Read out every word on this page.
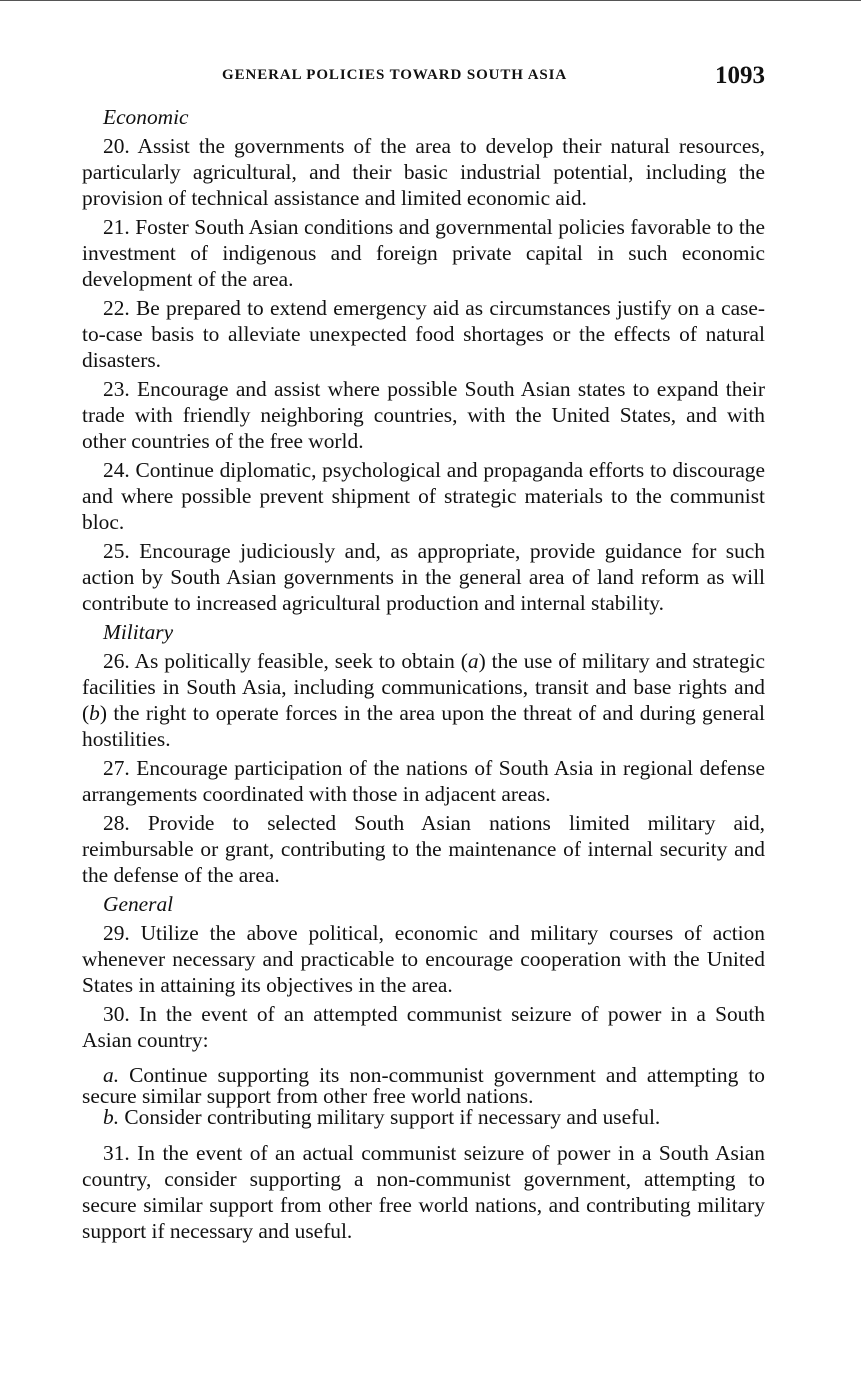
GENERAL POLICIES TOWARD SOUTH ASIA	1093

Economic

20. Assist the governments of the area to develop their natural resources, particularly agricultural, and their basic industrial potential, including the provision of technical assistance and limited economic aid.

21. Foster South Asian conditions and governmental policies favorable to the investment of indigenous and foreign private capital in such economic development of the area.

22. Be prepared to extend emergency aid as circumstances justify on a case-to-case basis to alleviate unexpected food shortages or the effects of natural disasters.

23. Encourage and assist where possible South Asian states to expand their trade with friendly neighboring countries, with the United States, and with other countries of the free world.

24. Continue diplomatic, psychological and propaganda efforts to discourage and where possible prevent shipment of strategic materials to the communist bloc.

25. Encourage judiciously and, as appropriate, provide guidance for such action by South Asian governments in the general area of land reform as will contribute to increased agricultural production and internal stability.

Military

26. As politically feasible, seek to obtain (a) the use of military and strategic facilities in South Asia, including communications, transit and base rights and (b) the right to operate forces in the area upon the threat of and during general hostilities.

27. Encourage participation of the nations of South Asia in regional defense arrangements coordinated with those in adjacent areas.

28. Provide to selected South Asian nations limited military aid, reimbursable or grant, contributing to the maintenance of internal security and the defense of the area.

General

29. Utilize the above political, economic and military courses of action whenever necessary and practicable to encourage cooperation with the United States in attaining its objectives in the area.

30. In the event of an attempted communist seizure of power in a South Asian country:

a. Continue supporting its non-communist government and attempting to secure similar support from other free world nations.

b. Consider contributing military support if necessary and useful.

31. In the event of an actual communist seizure of power in a South Asian country, consider supporting a non-communist government, attempting to secure similar support from other free world nations, and contributing military support if necessary and useful.
